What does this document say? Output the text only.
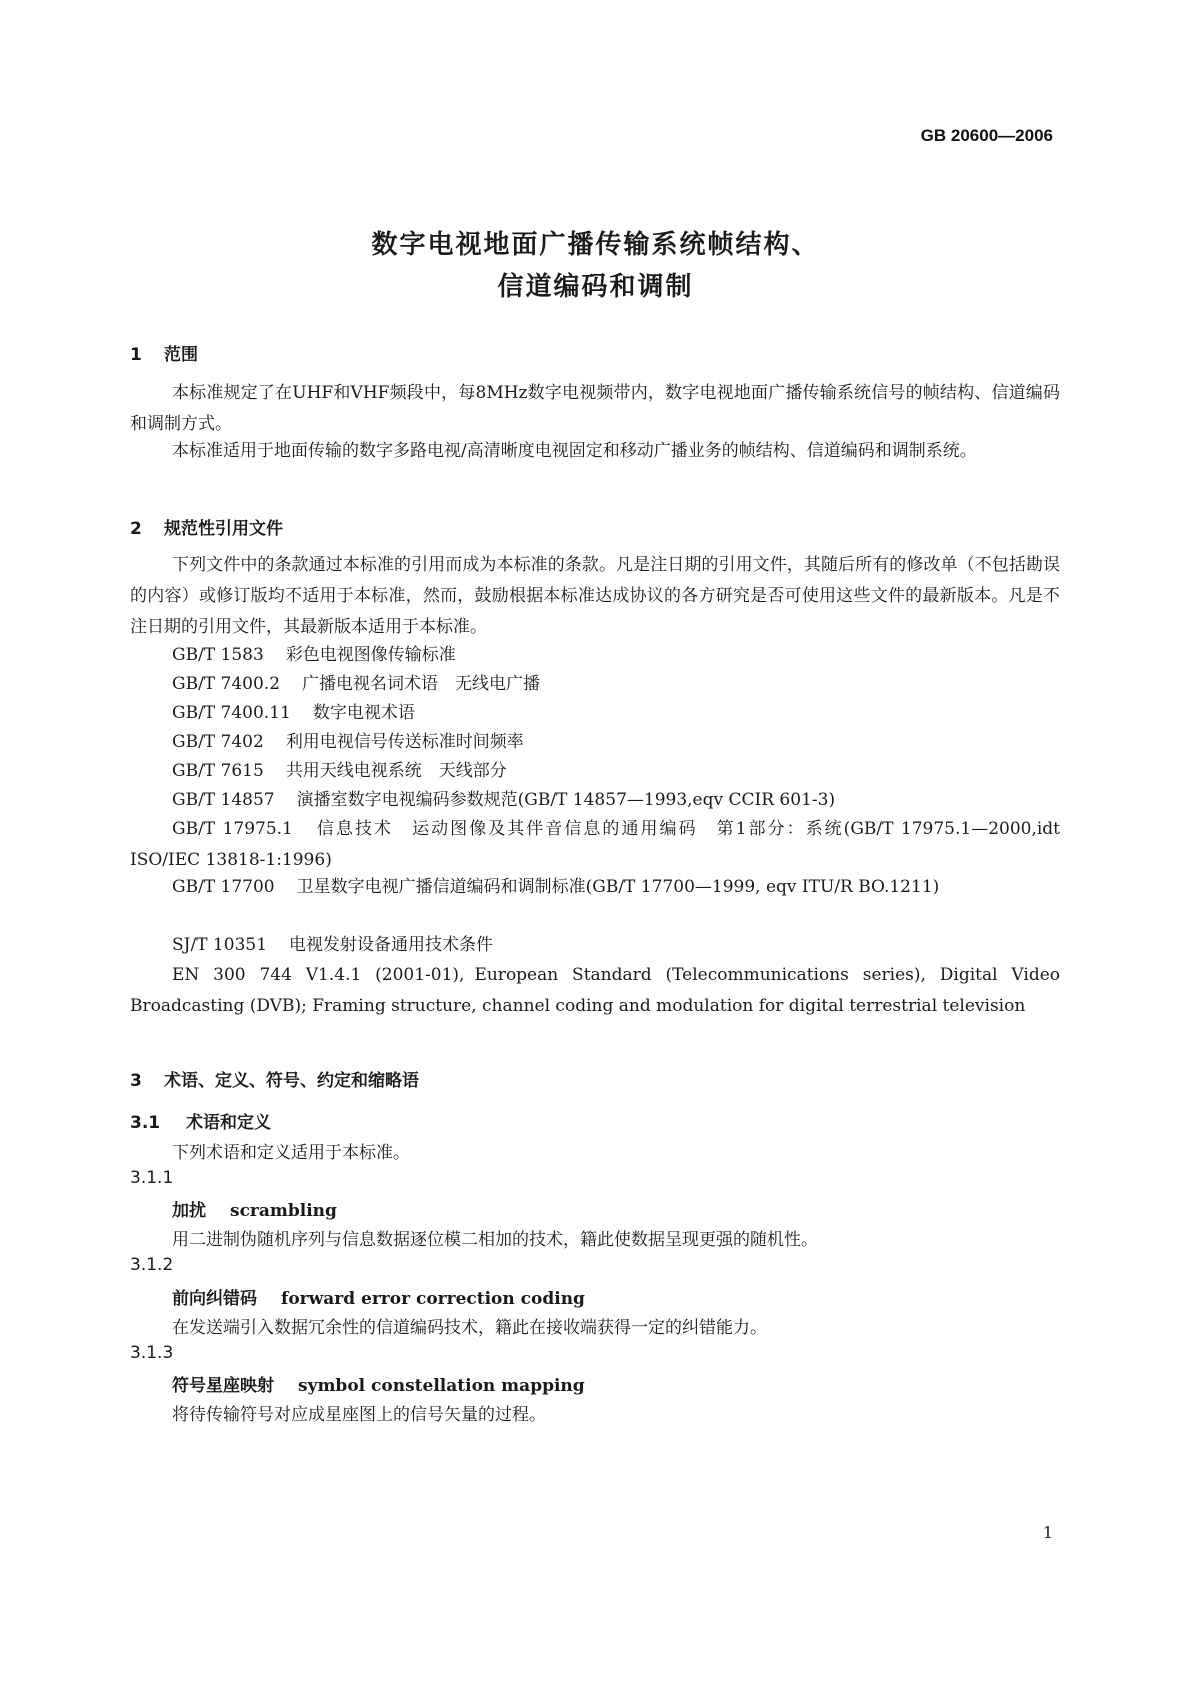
GB 20600—2006
数字电视地面广播传输系统帧结构、
信道编码和调制
1 范围
本标准规定了在UHF和VHF频段中，每8MHz数字电视频带内，数字电视地面广播传输系统信号的帧结构、信道编码和调制方式。
本标准适用于地面传输的数字多路电视/高清晰度电视固定和移动广播业务的帧结构、信道编码和调制系统。
2 规范性引用文件
下列文件中的条款通过本标准的引用而成为本标准的条款。凡是注日期的引用文件，其随后所有的修改单（不包括勘误的内容）或修订版均不适用于本标准，然而，鼓励根据本标准达成协议的各方研究是否可使用这些文件的最新版本。凡是不注日期的引用文件，其最新版本适用于本标准。
GB/T 1583 彩色电视图像传输标准
GB/T 7400.2 广播电视名词术语　无线电广播
GB/T 7400.11 数字电视术语
GB/T 7402 利用电视信号传送标准时间频率
GB/T 7615 共用天线电视系统　天线部分
GB/T 14857 演播室数字电视编码参数规范(GB/T 14857—1993,eqv CCIR 601-3)
GB/T 17975.1 信息技术　运动图像及其伴音信息的通用编码　第1部分：系统(GB/T 17975.1—2000,idt ISO/IEC 13818-1:1996)
GB/T 17700 卫星数字电视广播信道编码和调制标准(GB/T 17700—1999, eqv ITU/R BO.1211)
SJ/T 10351 电视发射设备通用技术条件
EN 300 744 V1.4.1 (2001-01), European Standard (Telecommunications series), Digital Video Broadcasting (DVB); Framing structure, channel coding and modulation for digital terrestrial television
3 术语、定义、符号、约定和缩略语
3.1 术语和定义
下列术语和定义适用于本标准。
3.1.1
加扰 scrambling
用二进制伪随机序列与信息数据逐位模二相加的技术，籍此使数据呈现更强的随机性。
3.1.2
前向纠错码 forward error correction coding
在发送端引入数据冗余性的信道编码技术，籍此在接收端获得一定的纠错能力。
3.1.3
符号星座映射 symbol constellation mapping
将待传输符号对应成星座图上的信号矢量的过程。
1
